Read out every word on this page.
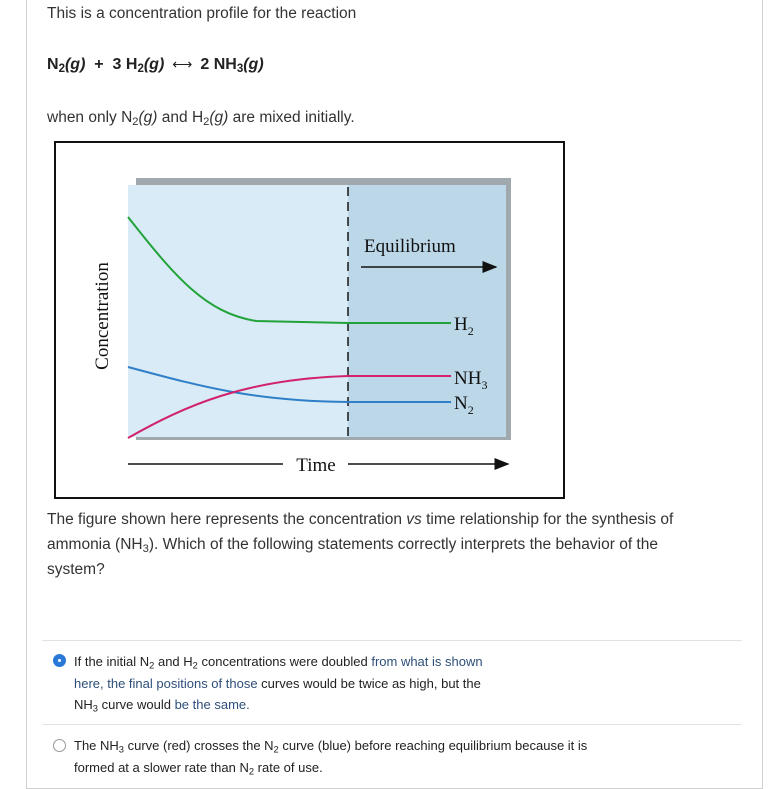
This is a concentration profile for the reaction
$N_2(g) + 3$ $H_2(g)$ ⟷ 2 $NH_3(g)$
when only $N_2(g)$ and $H_2(g)$ are mixed initially.
Equilibrium
$H_2$
$NH_3$
$N_2$
Concentration
Time
The figure shown here represents the concentration vs time relationship for the synthesis of ammonia $(NH_3)$. Which of the following statements correctly interprets the behavior of the system?
If the initial $N_2$ and $H_2$ concentrations were doubled from what is shown here, the final positions of those curves would be twice as high, but the $NH_3$ curve would be the same.
The $NH_3$ curve (red) crosses the $N_2$ curve (blue) before reaching equilibrium because it is formed at a slower rate than $N_2$ rate of use.
